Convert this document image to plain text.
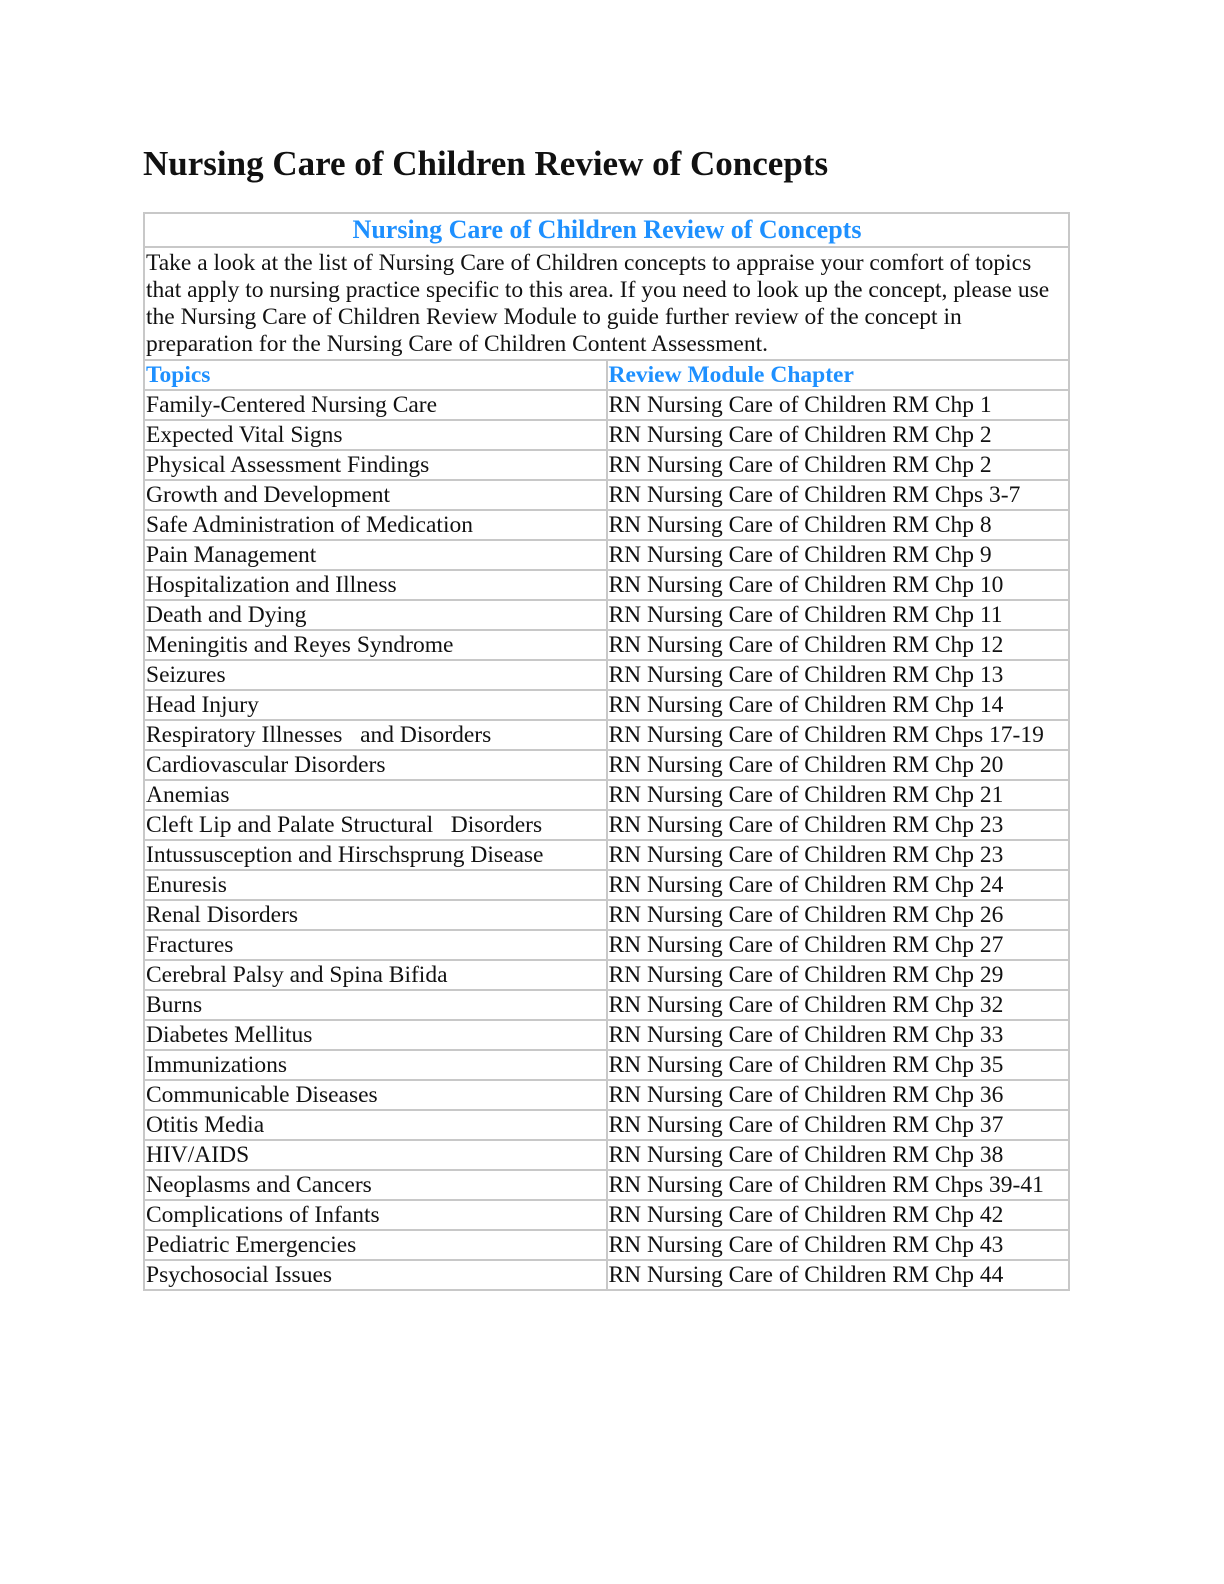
Nursing Care of Children Review of Concepts
Nursing Care of Children Review of Concepts	
Take a look at the list of Nursing Care of Children concepts to appraise your comfort of topics that apply to nursing practice specific to this area. If you need to look up the concept, please use the Nursing Care of Children Review Module to guide further review of the concept in preparation for the Nursing Care of Children Content Assessment.	
Topics	Review Module Chapter
Family-Centered Nursing Care	RN Nursing Care of Children RM Chp 1
Expected Vital Signs	RN Nursing Care of Children RM Chp 2
Physical Assessment Findings	RN Nursing Care of Children RM Chp 2
Growth and Development	RN Nursing Care of Children RM Chps 3-7
Safe Administration of Medication	RN Nursing Care of Children RM Chp 8
Pain Management	RN Nursing Care of Children RM Chp 9
Hospitalization and Illness	RN Nursing Care of Children RM Chp 10
Death and Dying	RN Nursing Care of Children RM Chp 11
Meningitis and Reyes Syndrome	RN Nursing Care of Children RM Chp 12
Seizures	RN Nursing Care of Children RM Chp 13
Head Injury	RN Nursing Care of Children RM Chp 14
Respiratory Illnesses   and Disorders	RN Nursing Care of Children RM Chps 17-19
Cardiovascular Disorders	RN Nursing Care of Children RM Chp 20
Anemias	RN Nursing Care of Children RM Chp 21
Cleft Lip and Palate Structural   Disorders	RN Nursing Care of Children RM Chp 23
Intussusception and Hirschsprung Disease	RN Nursing Care of Children RM Chp 23
Enuresis	RN Nursing Care of Children RM Chp 24
Renal Disorders	RN Nursing Care of Children RM Chp 26
Fractures	RN Nursing Care of Children RM Chp 27
Cerebral Palsy and Spina Bifida	RN Nursing Care of Children RM Chp 29
Burns	RN Nursing Care of Children RM Chp 32
Diabetes Mellitus	RN Nursing Care of Children RM Chp 33
Immunizations	RN Nursing Care of Children RM Chp 35
Communicable Diseases	RN Nursing Care of Children RM Chp 36
Otitis Media	RN Nursing Care of Children RM Chp 37
HIV/AIDS	RN Nursing Care of Children RM Chp 38
Neoplasms and Cancers	RN Nursing Care of Children RM Chps 39-41
Complications of Infants	RN Nursing Care of Children RM Chp 42
Pediatric Emergencies	RN Nursing Care of Children RM Chp 43
Psychosocial Issues	RN Nursing Care of Children RM Chp 44
